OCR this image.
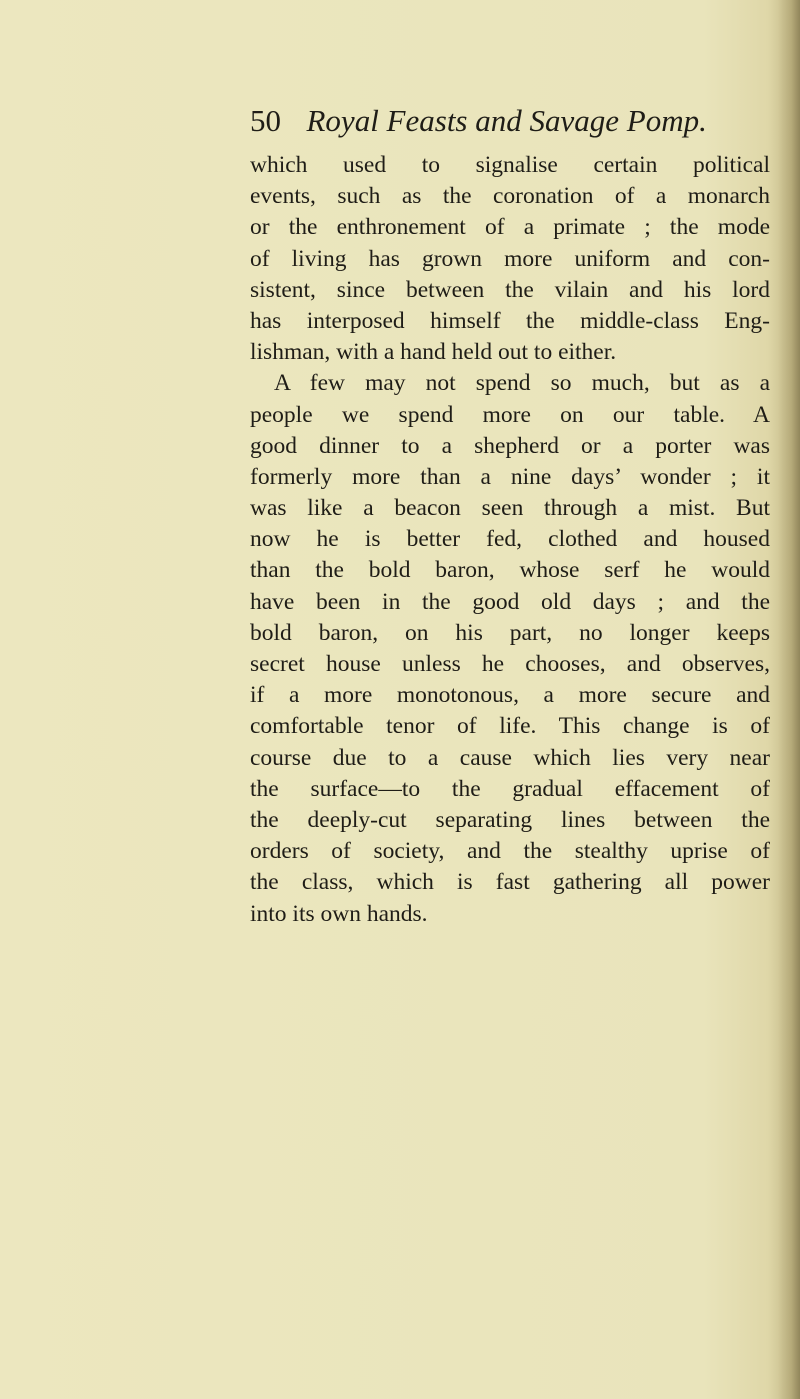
50 Royal Feasts and Savage Pomp.
which used to signalise certain political
events, such as the coronation of a monarch
or the enthronement of a primate ; the mode
of living has grown more uniform and con-
sistent, since between the vilain and his lord
has interposed himself the middle-class Eng-
lishman, with a hand held out to either.
A few may not spend so much, but as a
people we spend more on our table. A
good dinner to a shepherd or a porter was
formerly more than a nine days’ wonder ; it
was like a beacon seen through a mist. But
now he is better fed, clothed and housed
than the bold baron, whose serf he would
have been in the good old days ; and the
bold baron, on his part, no longer keeps
secret house unless he chooses, and observes,
if a more monotonous, a more secure and
comfortable tenor of life. This change is of
course due to a cause which lies very near
the surface—to the gradual effacement of
the deeply-cut separating lines between the
orders of society, and the stealthy uprise of
the class, which is fast gathering all power
into its own hands.
